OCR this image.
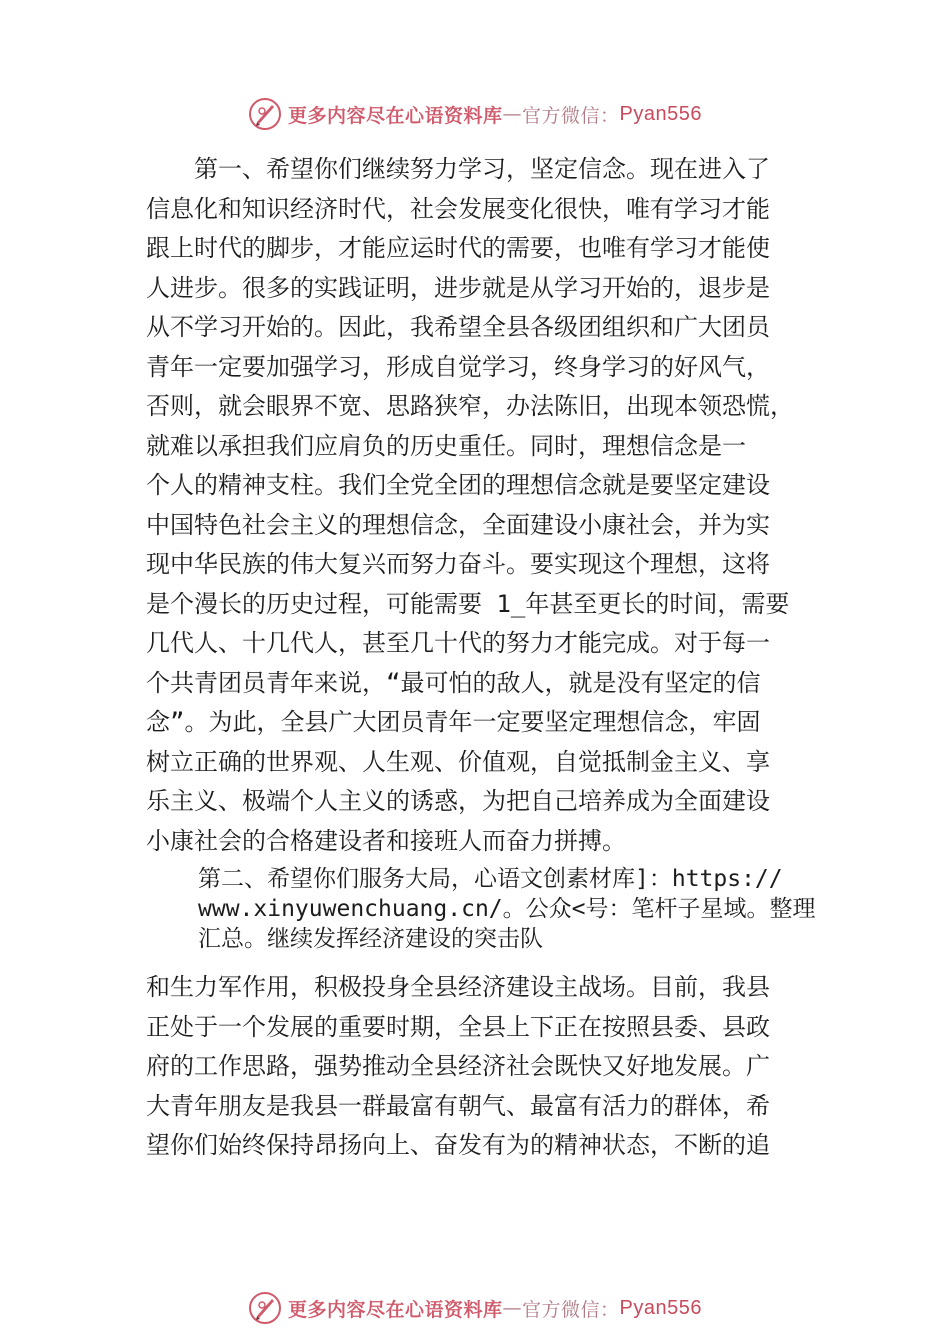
更多内容尽在心语资料库 — 官方微信： Pyan556
　　第一、希望你们继续努力学习，坚定信念。现在进入了
信息化和知识经济时代，社会发展变化很快，唯有学习才能
跟上时代的脚步，才能应运时代的需要，也唯有学习才能使
人进步。很多的实践证明，进步就是从学习开始的，退步是
从不学习开始的。因此，我希望全县各级团组织和广大团员
青年一定要加强学习，形成自觉学习，终身学习的好风气，
否则，就会眼界不宽、思路狭窄，办法陈旧，出现本领恐慌，
就难以承担我们应肩负的历史重任。同时，理想信念是一
个人的精神支柱。我们全党全团的理想信念就是要坚定建设
中国特色社会主义的理想信念，全面建设小康社会，并为实
现中华民族的伟大复兴而努力奋斗。要实现这个理想，这将
是个漫长的历史过程，可能需要 1_年甚至更长的时间，需要
几代人、十几代人，甚至几十代的努力才能完成。对于每一
个共青团员青年来说，“最可怕的敌人，就是没有坚定的信
念”。为此，全县广大团员青年一定要坚定理想信念，牢固
树立正确的世界观、人生观、价值观，自觉抵制金主义、享
乐主义、极端个人主义的诱惑，为把自己培养成为全面建设
小康社会的合格建设者和接班人而奋力拼搏。
第二、希望你们服务大局，心语文创素材库]：https://
www.xinyuwenchuang.cn/。公众<号：笔杆子星域。整理
汇总。继续发挥经济建设的突击队
和生力军作用，积极投身全县经济建设主战场。目前，我县
正处于一个发展的重要时期，全县上下正在按照县委、县政
府的工作思路，强势推动全县经济社会既快又好地发展。广
大青年朋友是我县一群最富有朝气、最富有活力的群体，希
望你们始终保持昂扬向上、奋发有为的精神状态，不断的追
更多内容尽在心语资料库 — 官方微信： Pyan556
